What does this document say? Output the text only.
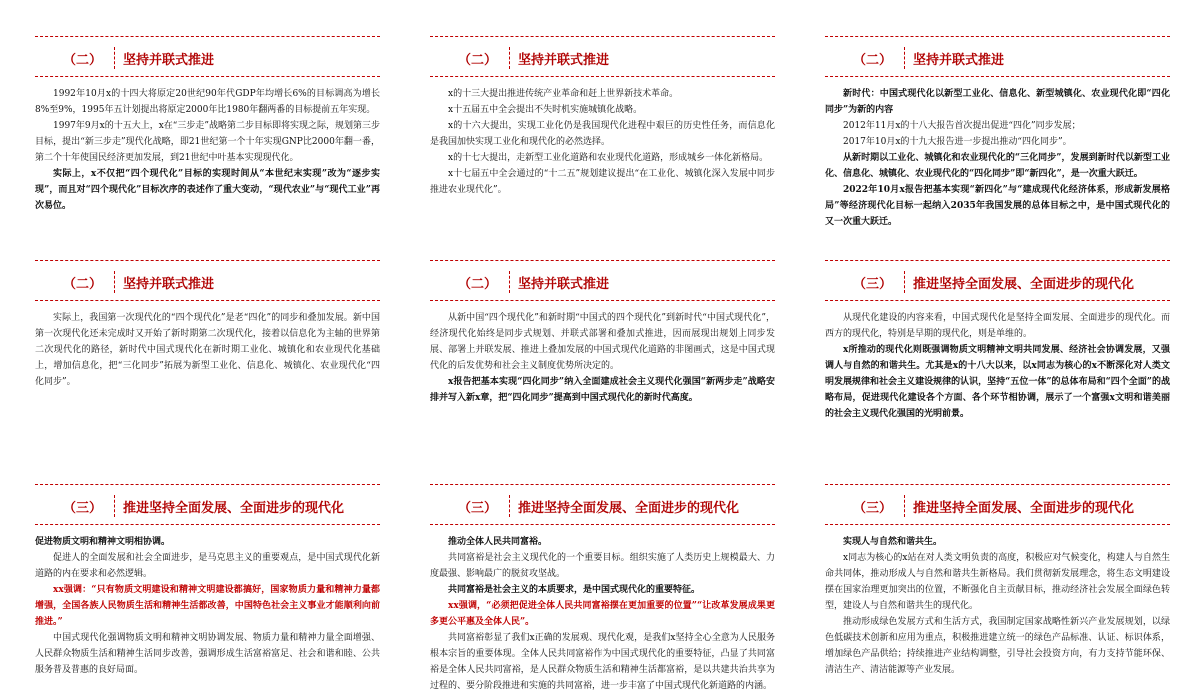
（二） 坚持并联式推进

1992年10月x的十四大将原定20世纪90年代GDP年均增长6%的目标调高为增长8%至9%，1995年五计划提出将原定2000年比1980年翻两番的目标提前五年实现。

1997年9月x的十五大上，x在“三步走”战略第二步目标即将实现之际，规划第三步目标，提出“新三步走”现代化战略，即21世纪第一个十年实现GNP比2000年翻一番，第二个十年使国民经济更加发展，到21世纪中叶基本实现现代化。

实际上，x不仅把“四个现代化”目标的实现时间从“本世纪末实现”改为“逐步实现”，而且对“四个现代化”目标次序的表述作了重大变动，“现代农业”与“现代工业”再次易位。

（二） 坚持并联式推进

x的十三大提出推进传统产业革命和赶上世界新技术革命。

x十五届五中全会提出不失时机实施城镇化战略。

x的十六大提出，实现工业化仍是我国现代化进程中艰巨的历史性任务，而信息化是我国加快实现工业化和现代化的必然选择。

x的十七大提出，走新型工业化道路和农业现代化道路，形成城乡一体化新格局。

x十七届五中全会通过的“十二五”规划建议提出“在工业化、城镇化深入发展中同步推进农业现代化”。

（二） 坚持并联式推进

新时代：中国式现代化以新型工业化、信息化、新型城镇化、农业现代化即“四化同步”为新的内容

2012年11月x的十八大报告首次提出促进“四化”同步发展；

2017年10月x的十九大报告进一步提出推动“四化同步”。

从新时期以工业化、城镇化和农业现代化的“三化同步”，发展到新时代以新型工业化、信息化、城镇化、农业现代化的“四化同步”即“新四化”，是一次重大跃迁。

2022年10月x报告把基本实现“新四化”与“建成现代化经济体系，形成新发展格局”等经济现代化目标一起纳入2035年我国发展的总体目标之中，是中国式现代化的又一次重大跃迁。

（二） 坚持并联式推进

实际上，我国第一次现代化的“四个现代化”是老“四化”的同步和叠加发展。新中国第一次现代化还未完成时又开始了新时期第二次现代化，接着以信息化为主轴的世界第二次现代化的路径，新时代中国式现代化在新时期工业化、城镇化和农业现代化基础上，增加信息化，把“三化同步”拓展为新型工业化、信息化、城镇化、农业现代化“四化同步”。

（二） 坚持并联式推进

从新中国“四个现代化”和新时期“中国式的四个现代化”到新时代“中国式现代化”，经济现代化始终是同步式规划、并联式部署和叠加式推进，因而展现出规划上同步发展、部署上并联发展、推进上叠加发展的中国式现代化道路的非图画式，这是中国式现代化的后发优势和社会主义制度优势所决定的。

x报告把基本实现“四化同步”纳入全面建成社会主义现代化强国“新两步走”战略安排并写入新x章，把“四化同步”提高到中国式现代化的新时代高度。

（三） 推进坚持全面发展、全面进步的现代化

从现代化建设的内容来看，中国式现代化是坚持全面发展、全面进步的现代化。而西方的现代化，特别是早期的现代化，则是单维的。

x所推动的现代化则既强调物质文明精神文明共同发展、经济社会协调发展，又强调人与自然的和谐共生。尤其是x的十八大以来，以x同志为核心的x不断深化对人类文明发展规律和社会主义建设规律的认识，坚持“五位一体”的总体布局和“四个全面”的战略布局，促进现代化建设各个方面、各个环节相协调，展示了一个富强x文明和谐美丽的社会主义现代化强国的光明前景。

（三） 推进坚持全面发展、全面进步的现代化

促进物质文明和精神文明相协调。

促进人的全面发展和社会全面进步，是马克思主义的重要观点，是中国式现代化新道路的内在要求和必然逻辑。

xx强调：“只有物质文明建设和精神文明建设都搞好，国家物质力量和精神力量都增强，全国各族人民物质生活和精神生活都改善，中国特色社会主义事业才能顺利向前推进。”

中国式现代化强调物质文明和精神文明协调发展、物质力量和精神力量全面增强、人民群众物质生活和精神生活同步改善，强调形成生活富裕富足、社会和谐和睦、公共服务普及普惠的良好局面。

（三） 推进坚持全面发展、全面进步的现代化

推动全体人民共同富裕。

共同富裕是社会主义现代化的一个重要目标。组织实施了人类历史上规模最大、力度最强、影响最广的脱贫攻坚战。

共同富裕是社会主义的本质要求，是中国式现代化的重要特征。

xx强调，“必须把促进全体人民共同富裕摆在更加重要的位置”“让改革发展成果更多更公平惠及全体人民”。

共同富裕彰显了我们x正确的发展观、现代化观，是我们x坚持全心全意为人民服务根本宗旨的重要体现。全体人民共同富裕作为中国式现代化的重要特征，凸显了共同富裕是全体人民共同富裕，是人民群众物质生活和精神生活都富裕，是以共建共治共享为过程的、要分阶段推进和实施的共同富裕，进一步丰富了中国式现代化新道路的内涵。

（三） 推进坚持全面发展、全面进步的现代化

实现人与自然和谐共生。

x同志为核心的x站在对人类文明负责的高度，积极应对气候变化，构建人与自然生命共同体，推动形成人与自然和谐共生新格局。我们贯彻新发展理念，将生态文明建设摆在国家治理更加突出的位置，不断强化自主贡献目标，推动经济社会发展全面绿色转型，建设人与自然和谐共生的现代化。

推动形成绿色发展方式和生活方式，我国制定国家战略性新兴产业发展规划，以绿色低碳技术创新和应用为重点，积极推进建立统一的绿色产品标准、认证、标识体系，增加绿色产品供给；持续推进产业结构调整，引导社会投资方向，有力支持节能环保、清洁生产、清洁能源等产业发展。
